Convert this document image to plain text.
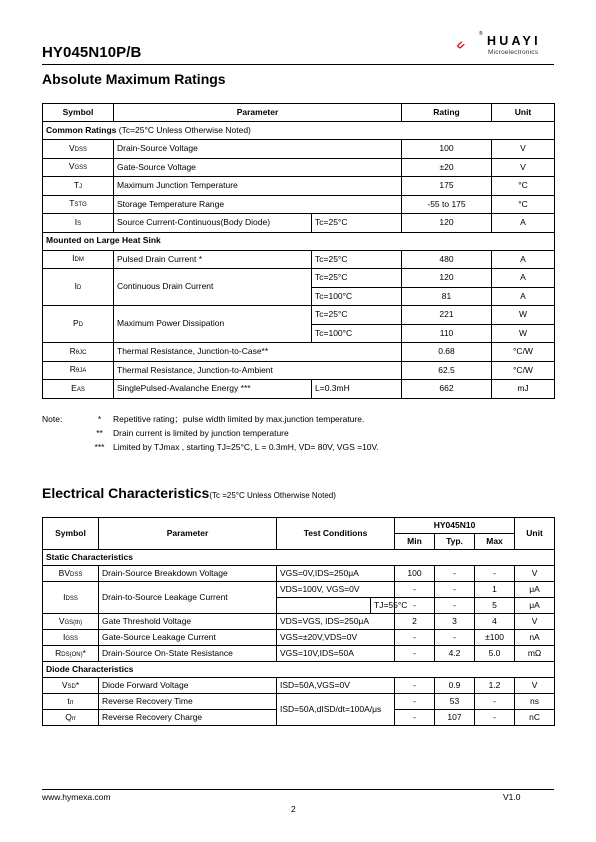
HY045N10P/B
HUAYI
®
Microelectronics
Absolute Maximum Ratings
Symbol	Parameter		Rating	Unit
Common Ratings (Tc=25°C Unless Otherwise Noted)				
VDSS	Drain-Source Voltage		100	V
VGSS	Gate-Source Voltage		±20	V
TJ	Maximum Junction Temperature		175	°C
TSTG	Storage Temperature Range		-55 to 175	°C
IS	Source Current-Continuous(Body Diode)	Tc=25°C	120	A
Mounted on Large Heat Sink				
IDM	Pulsed Drain Current *	Tc=25°C	480	A
ID	Continuous Drain Current	Tc=25°C	120	A
		Tc=100°C	81	A
PD	Maximum Power Dissipation	Tc=25°C	221	W
		Tc=100°C	110	W
RθJC	Thermal Resistance, Junction-to-Case**		0.68	°C/W
RθJA	Thermal Resistance, Junction-to-Ambient		62.5	°C/W
EAS	SinglePulsed-Avalanche Energy ***	L=0.3mH	662	mJ
Note:	*	Repetitive rating；pulse width limited by max.junction temperature.
**	Drain current is limited by junction temperature
***	Limited by TJmax , starting TJ=25°C, L = 0.3mH, VD= 80V, VGS =10V.
Electrical Characteristics(Tc =25°C Unless Otherwise Noted)
Symbol	Parameter	Test Conditions		HY045N10			Unit
				Min	Typ.	Max	
Static Characteristics							
BVDSS	Drain-Source Breakdown Voltage	VGS=0V,IDS=250μA		100	-	-	V
IDSS	Drain-to-Source Leakage Current	VDS=100V, VGS=0V		-	-	1	μA
			TJ=55°C	-	-	5	μA
VGS(th)	Gate Threshold Voltage	VDS=VGS, IDS=250μA		2	3	4	V
IGSS	Gate-Source Leakage Current	VGS=±20V,VDS=0V		-	-	±100	nA
RDS(ON)*	Drain-Source On-State Resistance	VGS=10V,IDS=50A		-	4.2	5.0	mΩ
Diode Characteristics							
VSD*	Diode Forward Voltage	ISD=50A,VGS=0V		-	0.9	1.2	V
trr	Reverse Recovery Time	ISD=50A,dISD/dt=100A/μs		-	53	-	ns
Qrr	Reverse Recovery Charge			-	107	-	nC
www.hymexa.com	V1.0
2
